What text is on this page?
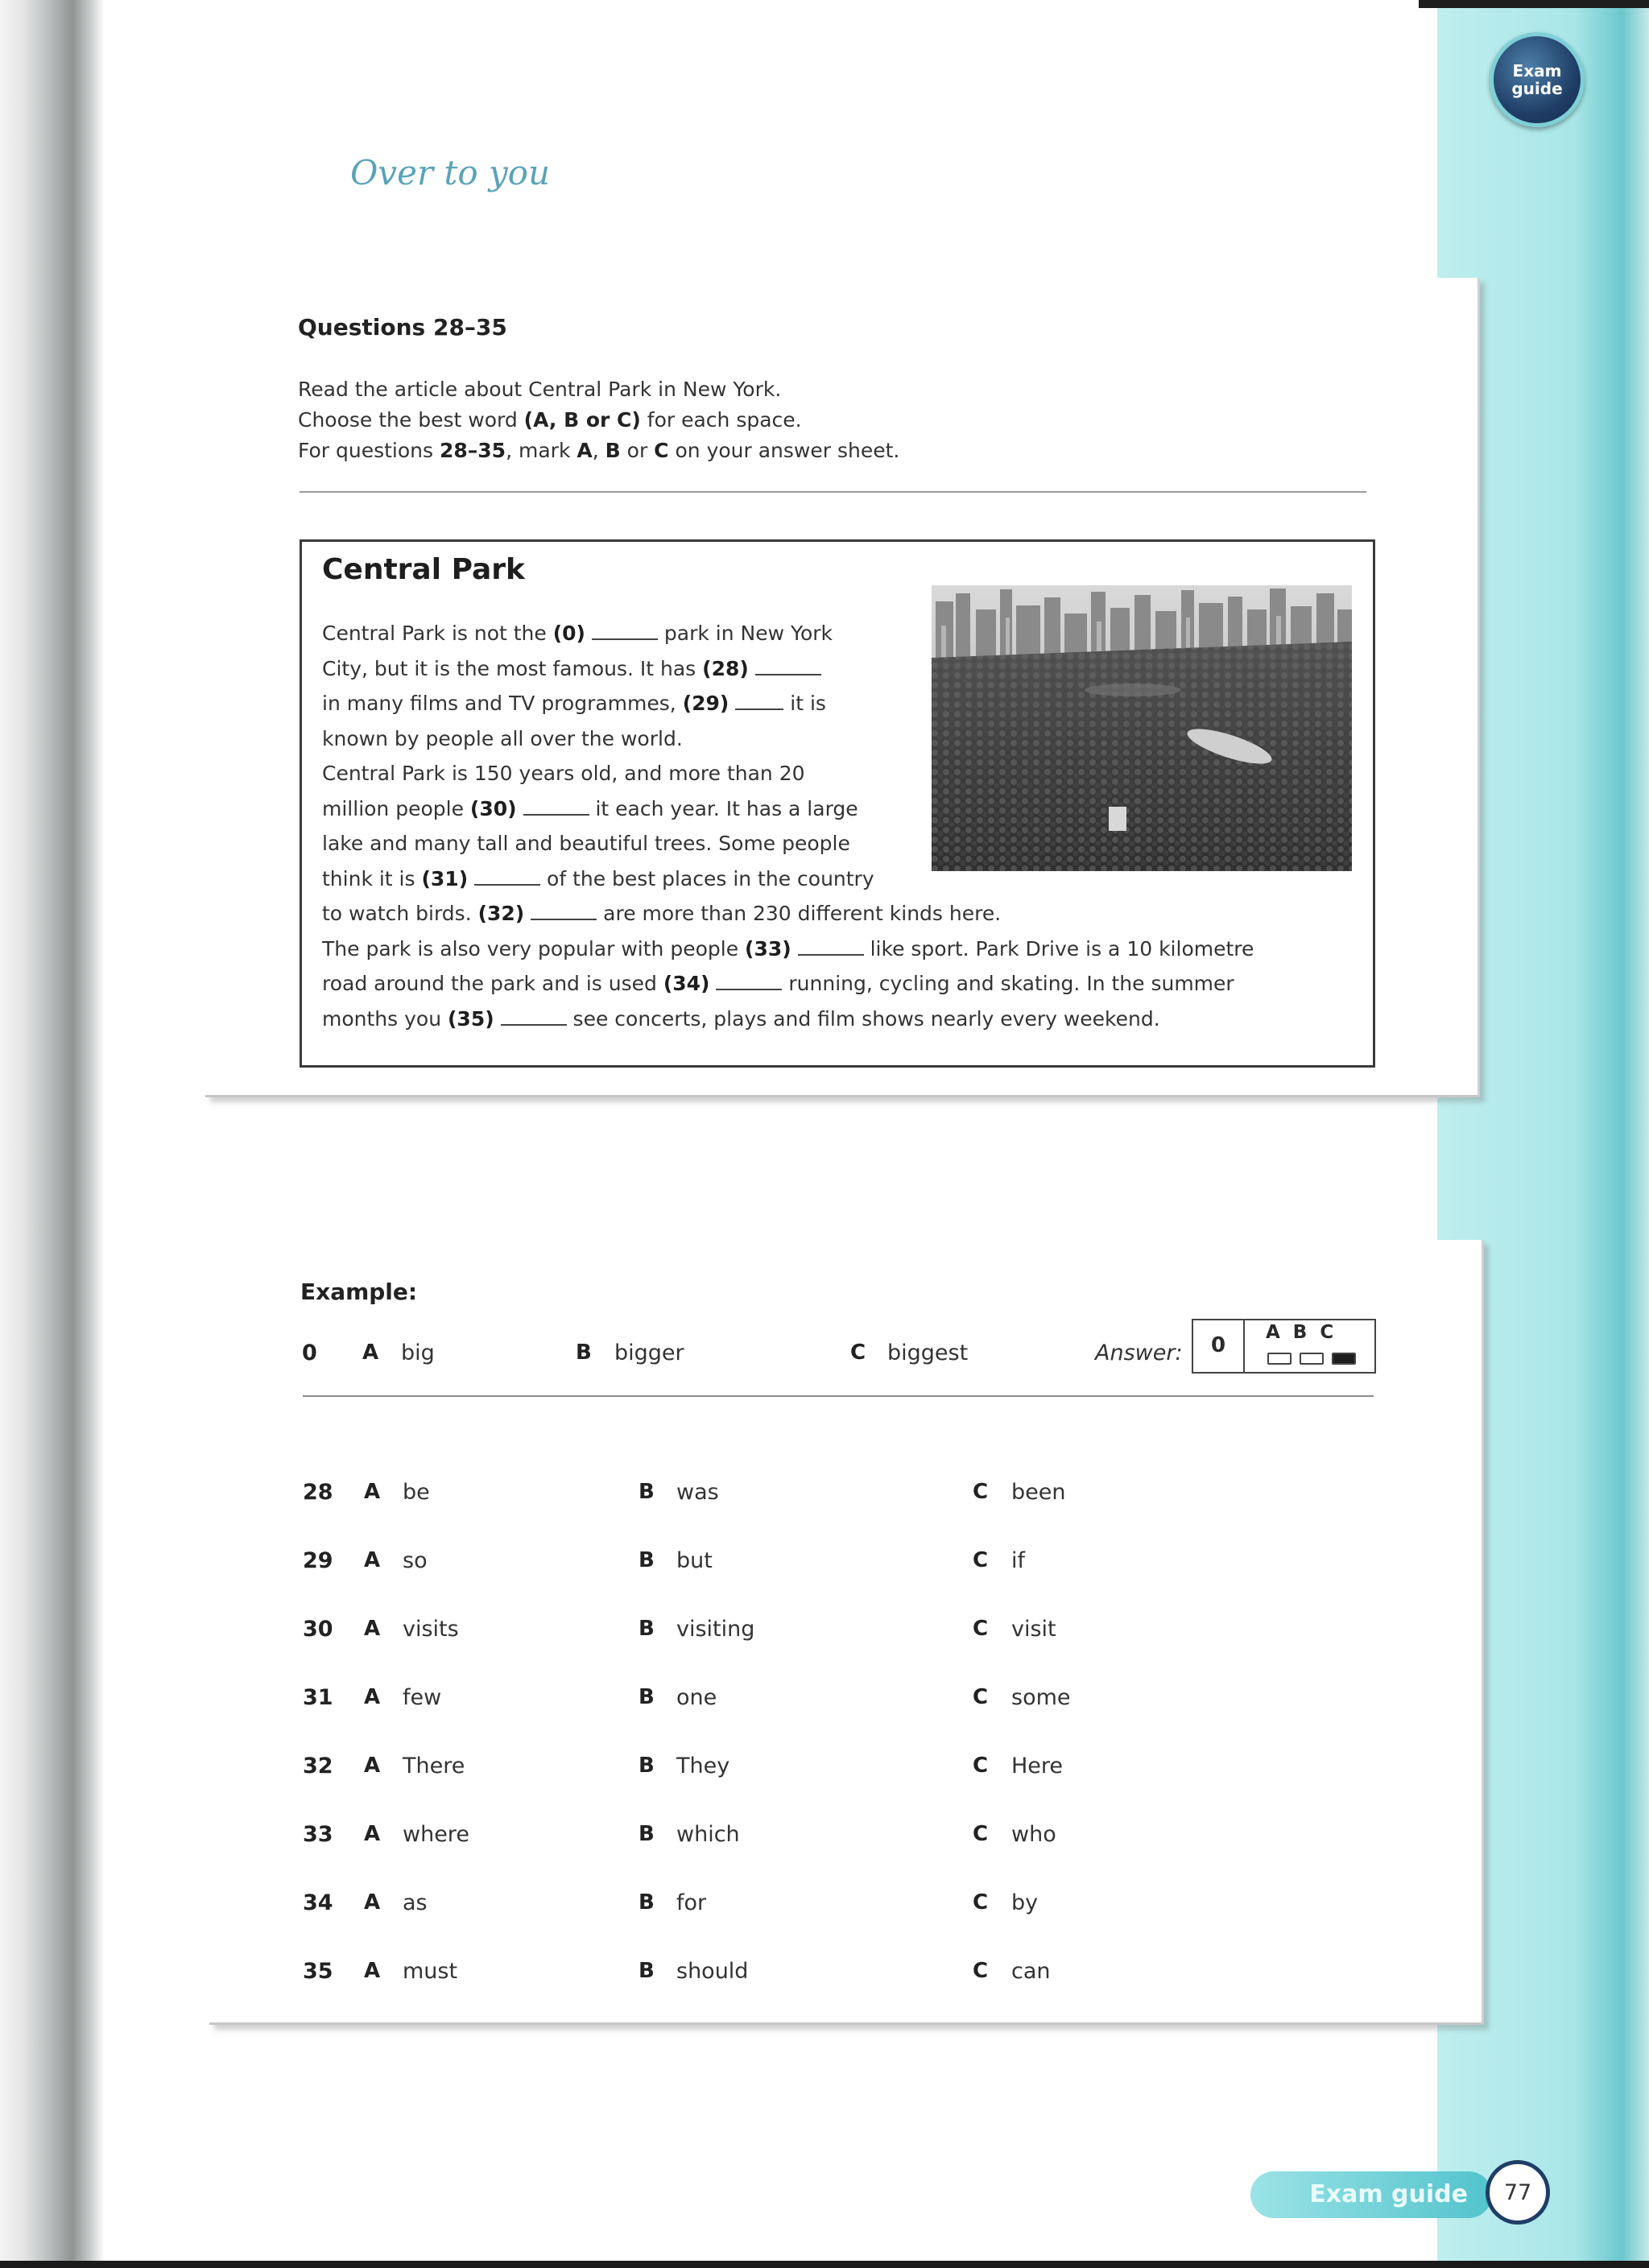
Exam
guide
Over to you
Questions 28–35
Read the article about Central Park in New York.
Choose the best word (A, B or C) for each space.
For questions 28–35, mark A, B or C on your answer sheet.
Central Park
Central Park is not the (0)	park in New York
City, but it is the most famous. It has (28)
in many films and TV programmes, (29)	it is
known by people all over the world.
Central Park is 150 years old, and more than 20
million people (30)	it each year. It has a large
lake and many tall and beautiful trees. Some people
think it is (31)	of the best places in the country
to watch birds. (32)	are more than 230 different kinds here.
The park is also very popular with people (33)	like sport. Park Drive is a 10 kilometre
road around the park and is used (34)	running, cycling and skating. In the summer
months you (35)	see concerts, plays and film shows nearly every weekend.
Example:
0 A big	B bigger	C biggest	Answer: 0
ABC
28 A be	B was	C been
29 A so	B but	C if
30 A visits	B visiting	C visit
31 A few	B one	C some
32 A There	B They	C Here
33 A where	B which	C who
34 A as	B for	C by
35 A must	B should	C can
Exam guide	77
